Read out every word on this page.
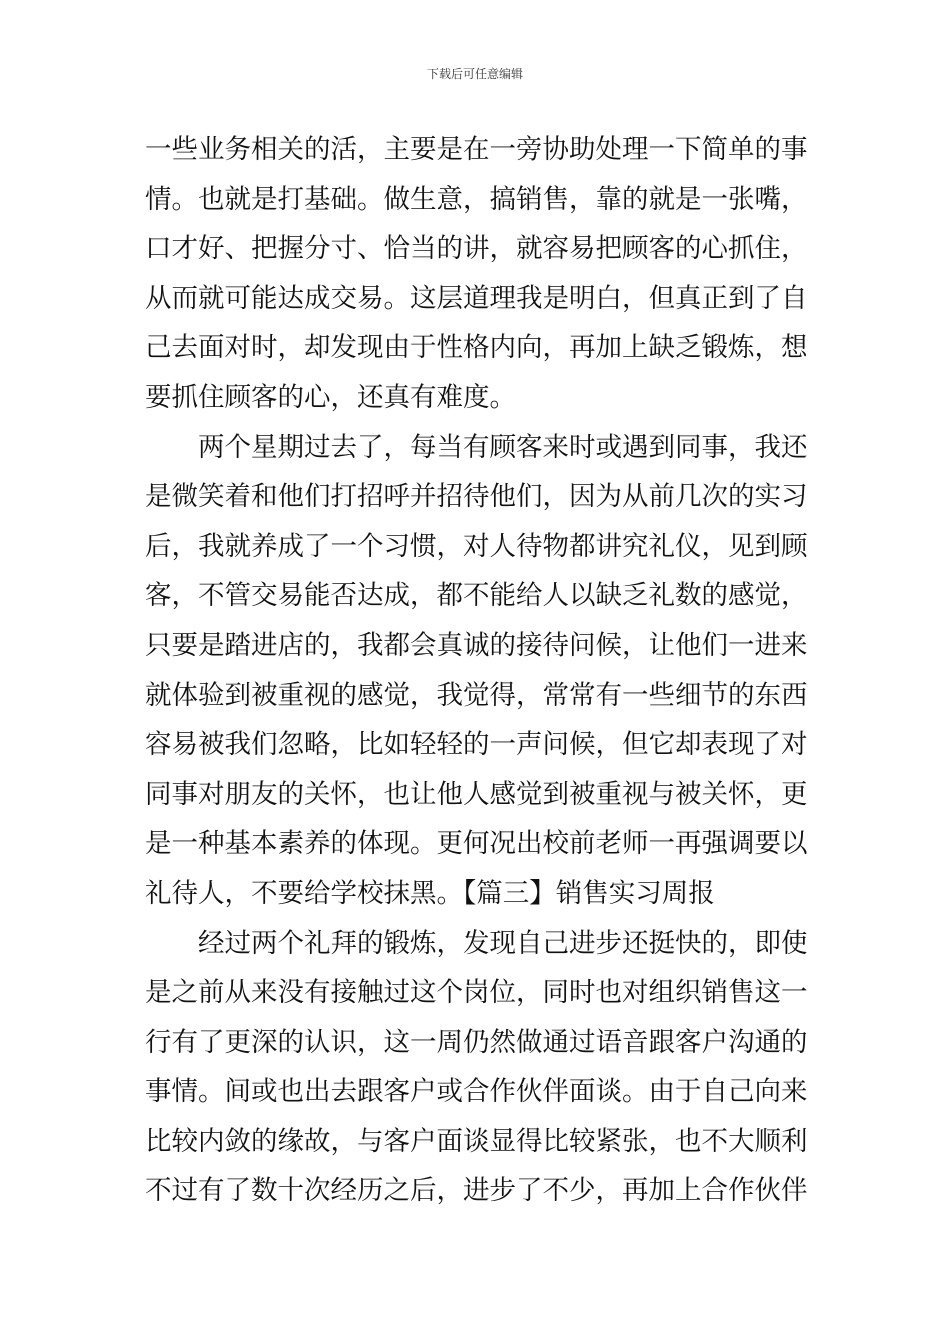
下载后可任意编辑
一些业务相关的活，主要是在一旁协助处理一下简单的事
情。也就是打基础。做生意，搞销售，靠的就是一张嘴，
口才好、把握分寸、恰当的讲，就容易把顾客的心抓住，
从而就可能达成交易。这层道理我是明白，但真正到了自
己去面对时，却发现由于性格内向，再加上缺乏锻炼，想
要抓住顾客的心，还真有难度。
　　两个星期过去了，每当有顾客来时或遇到同事，我还
是微笑着和他们打招呼并招待他们，因为从前几次的实习
后，我就养成了一个习惯，对人待物都讲究礼仪，见到顾
客，不管交易能否达成，都不能给人以缺乏礼数的感觉，
只要是踏进店的，我都会真诚的接待问候，让他们一进来
就体验到被重视的感觉，我觉得，常常有一些细节的东西
容易被我们忽略，比如轻轻的一声问候，但它却表现了对
同事对朋友的关怀，也让他人感觉到被重视与被关怀，更
是一种基本素养的体现。更何况出校前老师一再强调要以
礼待人，不要给学校抹黑。【篇三】销售实习周报
　　经过两个礼拜的锻炼，发现自己进步还挺快的，即使
是之前从来没有接触过这个岗位，同时也对组织销售这一
行有了更深的认识，这一周仍然做通过语音跟客户沟通的
事情。间或也出去跟客户或合作伙伴面谈。由于自己向来
比较内敛的缘故，与客户面谈显得比较紧张，也不大顺利
不过有了数十次经历之后，进步了不少，再加上合作伙伴
